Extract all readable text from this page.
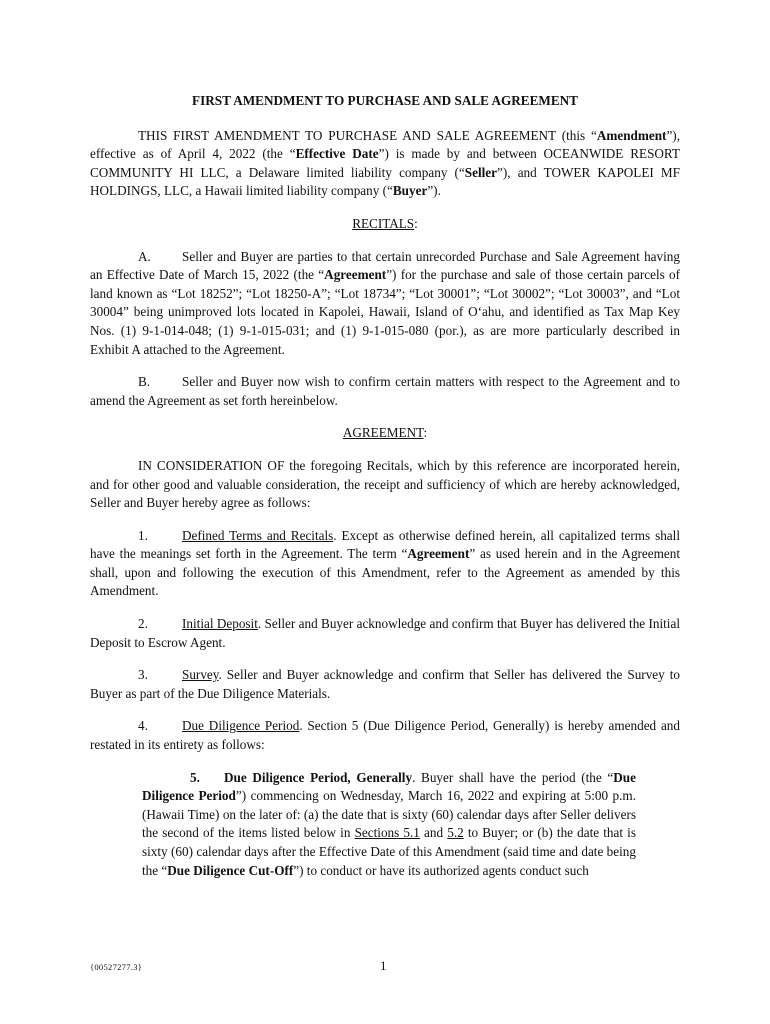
FIRST AMENDMENT TO PURCHASE AND SALE AGREEMENT

THIS FIRST AMENDMENT TO PURCHASE AND SALE AGREEMENT (this “Amendment”), effective as of April 4, 2022 (the “Effective Date”) is made by and between OCEANWIDE RESORT COMMUNITY HI LLC, a Delaware limited liability company (“Seller”), and TOWER KAPOLEI MF HOLDINGS, LLC, a Hawaii limited liability company (“Buyer”).

RECITALS:

A. Seller and Buyer are parties to that certain unrecorded Purchase and Sale Agreement having an Effective Date of March 15, 2022 (the “Agreement”) for the purchase and sale of those certain parcels of land known as “Lot 18252”; “Lot 18250-A”; “Lot 18734”; “Lot 30001”; “Lot 30002”; “Lot 30003”, and “Lot 30004” being unimproved lots located in Kapolei, Hawaii, Island of O‘ahu, and identified as Tax Map Key Nos. (1) 9-1-014-048; (1) 9-1-015-031; and (1) 9-1-015-080 (por.), as are more particularly described in Exhibit A attached to the Agreement.

B. Seller and Buyer now wish to confirm certain matters with respect to the Agreement and to amend the Agreement as set forth hereinbelow.

AGREEMENT:

IN CONSIDERATION OF the foregoing Recitals, which by this reference are incorporated herein, and for other good and valuable consideration, the receipt and sufficiency of which are hereby acknowledged, Seller and Buyer hereby agree as follows:

1.	Defined Terms and Recitals. Except as otherwise defined herein, all capitalized terms shall have the meanings set forth in the Agreement. The term “Agreement” as used herein and in the Agreement shall, upon and following the execution of this Amendment, refer to the Agreement as amended by this Amendment.

2.	Initial Deposit. Seller and Buyer acknowledge and confirm that Buyer has delivered the Initial Deposit to Escrow Agent.

3.	Survey. Seller and Buyer acknowledge and confirm that Seller has delivered the Survey to Buyer as part of the Due Diligence Materials.

4.	Due Diligence Period. Section 5 (Due Diligence Period, Generally) is hereby amended and restated in its entirety as follows:

5. Due Diligence Period, Generally. Buyer shall have the period (the “Due Diligence Period”) commencing on Wednesday, March 16, 2022 and expiring at 5:00 p.m. (Hawaii Time) on the later of: (a) the date that is sixty (60) calendar days after Seller delivers the second of the items listed below in Sections 5.1 and 5.2 to Buyer; or (b) the date that is sixty (60) calendar days after the Effective Date of this Amendment (said time and date being the “Due Diligence Cut-Off”) to conduct or have its authorized agents conduct such

{00527277.3}	1
